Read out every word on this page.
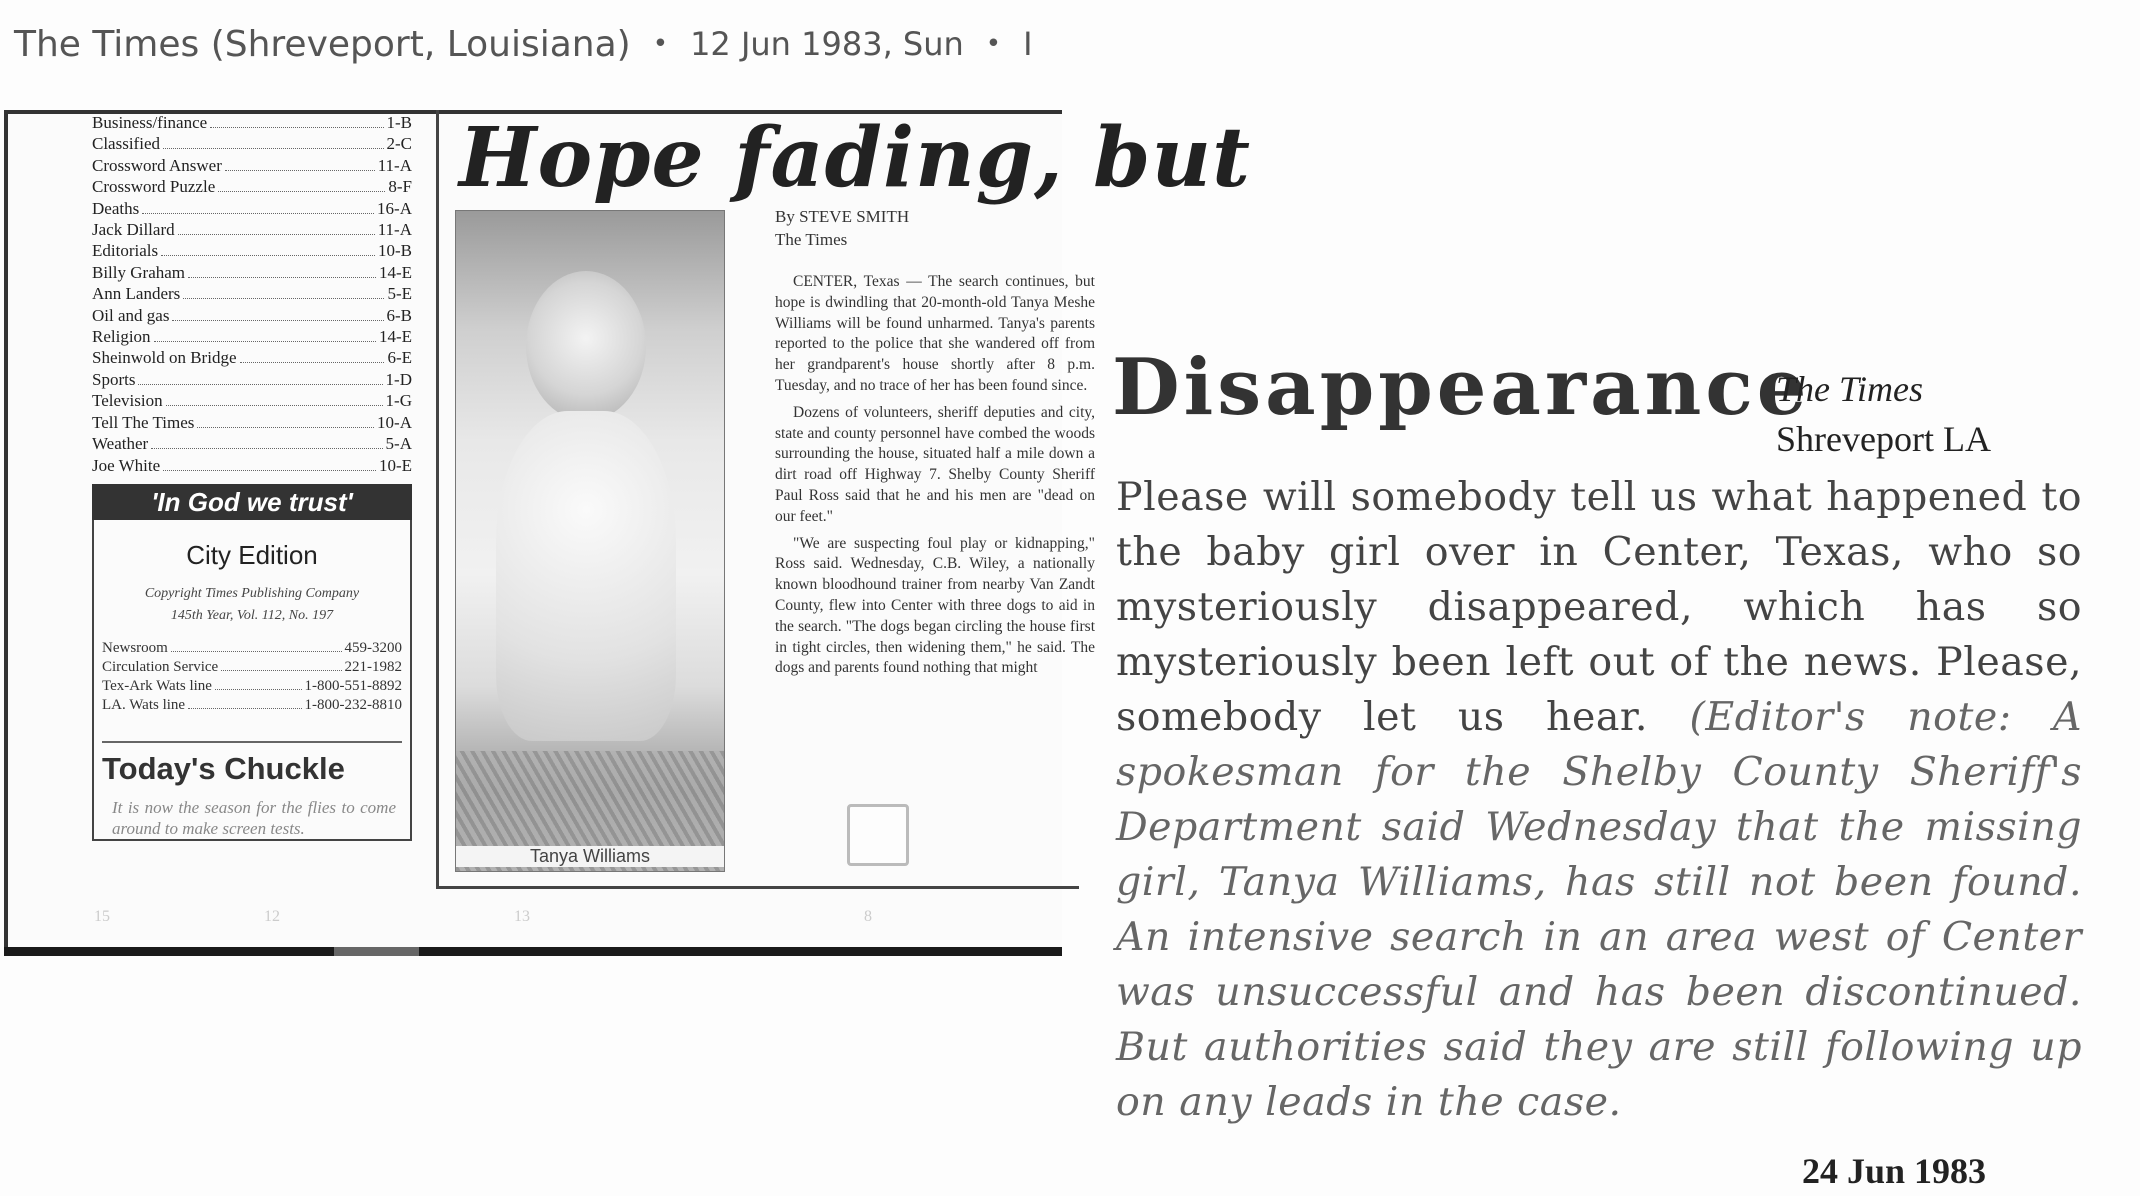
The Times (Shreveport, Louisiana) • 12 Jun 1983, Sun • I
Business/finance	1-B
Classified	2-C
Crossword Answer	11-A
Crossword Puzzle	8-F
Deaths	16-A
Jack Dillard	11-A
Editorials	10-B
Billy Graham	14-E
Ann Landers	5-E
Oil and gas	6-B
Religion	14-E
Sheinwold on Bridge	6-E
Sports	1-D
Television	1-G
Tell The Times	10-A
Weather	5-A
Joe White	10-E
'In God we trust'
City Edition
Copyright Times Publishing Company
145th Year, Vol. 112, No. 197
Newsroom	459-3200
Circulation Service	221-1982
Tex-Ark Wats line	1-800-551-8892
LA. Wats line	1-800-232-8810
Today's Chuckle
It is now the season for the flies to come around to make screen tests.
Hope fading, but
Tanya Williams
By STEVE SMITH
The Times

CENTER, Texas — The search continues, but hope is dwindling that 20-month-old Tanya Meshe Williams will be found unharmed. Tanya's parents reported to the police that she wandered off from her grandparent's house shortly after 8 p.m. Tuesday, and no trace of her has been found since.

Dozens of volunteers, sheriff deputies and city, state and county personnel have combed the woods surrounding the house, situated half a mile down a dirt road off Highway 7. Shelby County Sheriff Paul Ross said that he and his men are "dead on our feet."

"We are suspecting foul play or kidnapping," Ross said. Wednesday, C.B. Wiley, a nationally known bloodhound trainer from nearby Van Zandt County, flew into Center with three dogs to aid in the search. "The dogs began circling the house first in tight circles, then widening them," he said. The dogs and parents found nothing that might

15	12	13	8
Disappearance
The Times
Shreveport LA
Please will somebody tell us what happened to the baby girl over in Center, Texas, who so mysteriously disappeared, which has so mysteriously been left out of the news. Please, somebody let us hear. (Editor's note: A spokesman for the Shelby County Sheriff's Department said Wednesday that the missing girl, Tanya Williams, has still not been found. An intensive search in an area west of Center was unsuccessful and has been discontinued. But authorities said they are still following up on any leads in the case.
24 Jun 1983
